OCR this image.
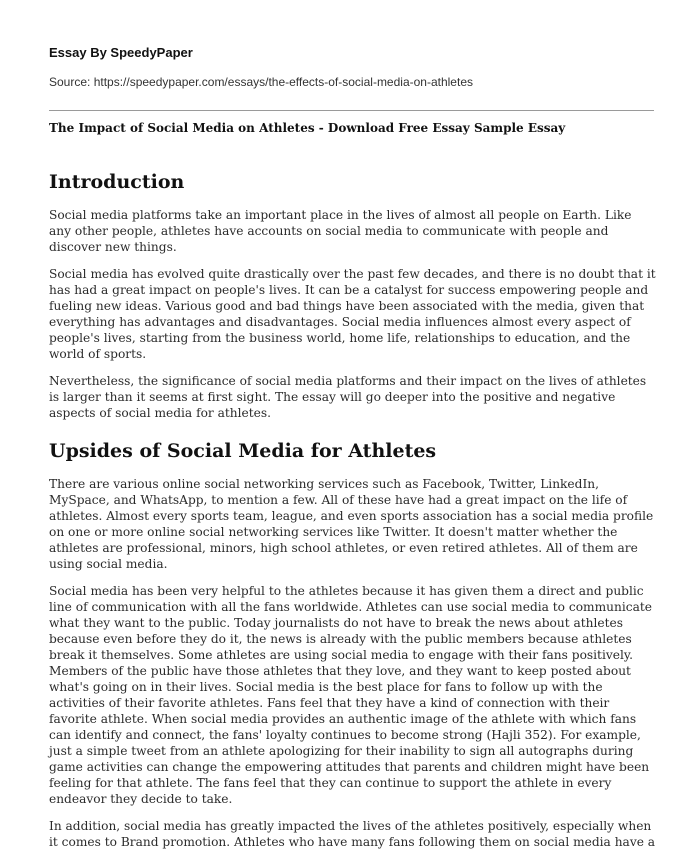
Essay By SpeedyPaper

Source: https://speedypaper.com/essays/the-effects-of-social-media-on-athletes

The Impact of Social Media on Athletes - Download Free Essay Sample Essay

Introduction

Social media platforms take an important place in the lives of almost all people on Earth. Like any other people, athletes have accounts on social media to communicate with people and discover new things.

Social media has evolved quite drastically over the past few decades, and there is no doubt that it has had a great impact on people's lives. It can be a catalyst for success empowering people and fueling new ideas. Various good and bad things have been associated with the media, given that everything has advantages and disadvantages. Social media influences almost every aspect of people's lives, starting from the business world, home life, relationships to education, and the world of sports.

Nevertheless, the significance of social media platforms and their impact on the lives of athletes is larger than it seems at first sight. The essay will go deeper into the positive and negative aspects of social media for athletes.

Upsides of Social Media for Athletes

There are various online social networking services such as Facebook, Twitter, LinkedIn, MySpace, and WhatsApp, to mention a few. All of these have had a great impact on the life of athletes. Almost every sports team, league, and even sports association has a social media profile on one or more online social networking services like Twitter. It doesn't matter whether the athletes are professional, minors, high school athletes, or even retired athletes. All of them are using social media.

Social media has been very helpful to the athletes because it has given them a direct and public line of communication with all the fans worldwide. Athletes can use social media to communicate what they want to the public. Today journalists do not have to break the news about athletes because even before they do it, the news is already with the public members because athletes break it themselves. Some athletes are using social media to engage with their fans positively. Members of the public have those athletes that they love, and they want to keep posted about what's going on in their lives. Social media is the best place for fans to follow up with the activities of their favorite athletes. Fans feel that they have a kind of connection with their favorite athlete. When social media provides an authentic image of the athlete with which fans can identify and connect, the fans' loyalty continues to become strong (Hajli 352). For example, just a simple tweet from an athlete apologizing for their inability to sign all autographs during game activities can change the empowering attitudes that parents and children might have been feeling for that athlete. The fans feel that they can continue to support the athlete in every endeavor they decide to take.

In addition, social media has greatly impacted the lives of the athletes positively, especially when it comes to Brand promotion. Athletes who have many fans following them on social media have a
